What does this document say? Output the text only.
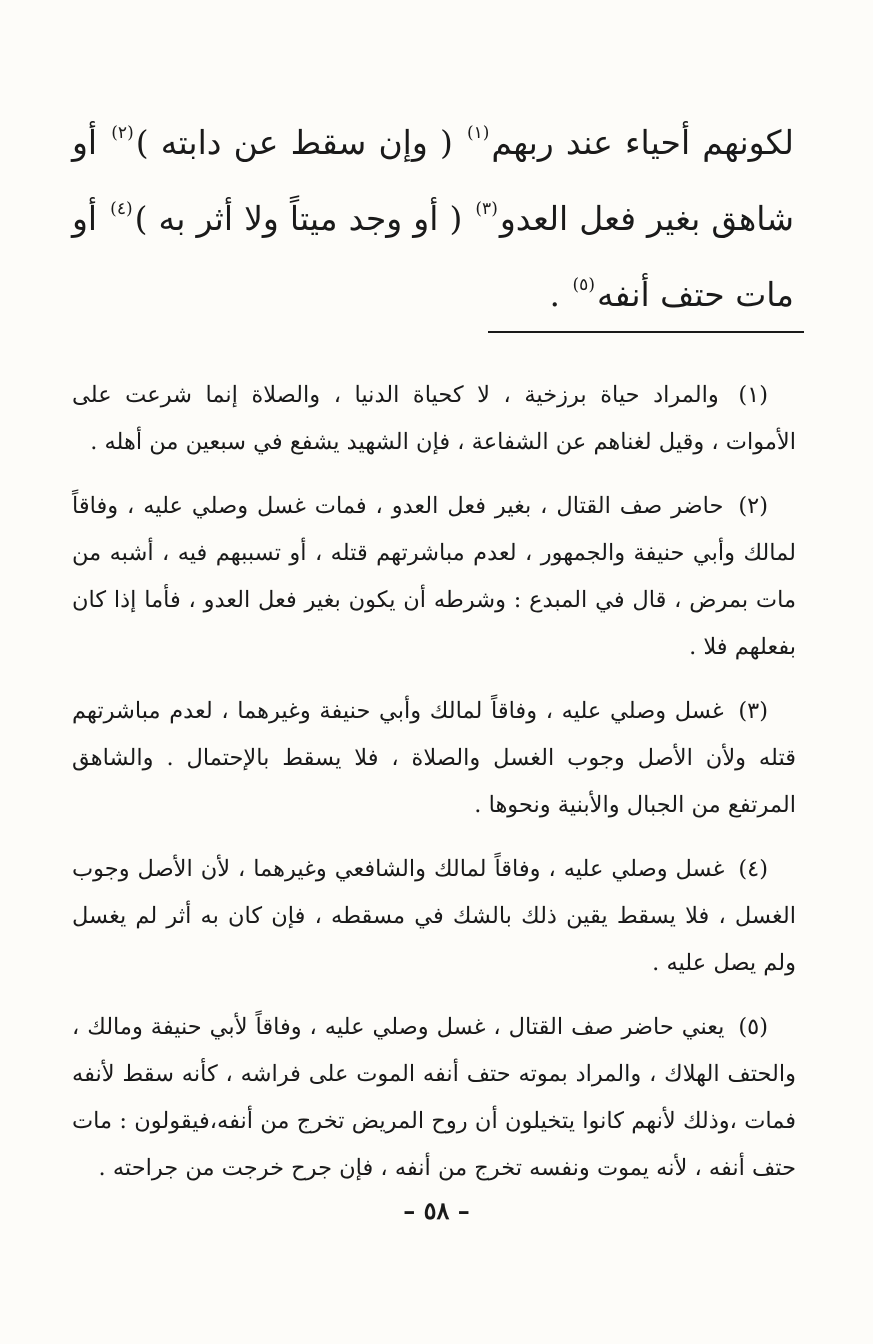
لكونهم أحياء عند ربهم$^{(١)}$ ( وإن سقط عن دابته )$^{(٢)}$ أو شاهق بغير فعل العدو$^{(٣)}$ ( أو وجد ميتاً ولا أثر به )$^{(٤)}$ أو مات حتف أنفه$^{(٥)}$ .

(١) والمراد حياة برزخية ، لا كحياة الدنيا ، والصلاة إنما شرعت على الأموات ، وقيل لغناهم عن الشفاعة ، فإن الشهيد يشفع في سبعين من أهله .

(٢) حاضر صف القتال ، بغير فعل العدو ، فمات غسل وصلي عليه ، وفاقاً لمالك وأبي حنيفة والجمهور ، لعدم مباشرتهم قتله ، أو تسببهم فيه ، أشبه من مات بمرض ، قال في المبدع : وشرطه أن يكون بغير فعل العدو ، فأما إذا كان بفعلهم فلا .

(٣) غسل وصلي عليه ، وفاقاً لمالك وأبي حنيفة وغيرهما ، لعدم مباشرتهم قتله ولأن الأصل وجوب الغسل والصلاة ، فلا يسقط بالإحتمال . والشاهق المرتفع من الجبال والأبنية ونحوها .

(٤) غسل وصلي عليه ، وفاقاً لمالك والشافعي وغيرهما ، لأن الأصل وجوب الغسل ، فلا يسقط يقين ذلك بالشك في مسقطه ، فإن كان به أثر لم يغسل ولم يصل عليه .

(٥) يعني حاضر صف القتال ، غسل وصلي عليه ، وفاقاً لأبي حنيفة ومالك ، والحتف الهلاك ، والمراد بموته حتف أنفه الموت على فراشه ، كأنه سقط لأنفه فمات ،وذلك لأنهم كانوا يتخيلون أن روح المريض تخرج من أنفه،فيقولون : مات حتف أنفه ، لأنه يموت ونفسه تخرج من أنفه ، فإن جرح خرجت من جراحته .

– ٥٨ –
